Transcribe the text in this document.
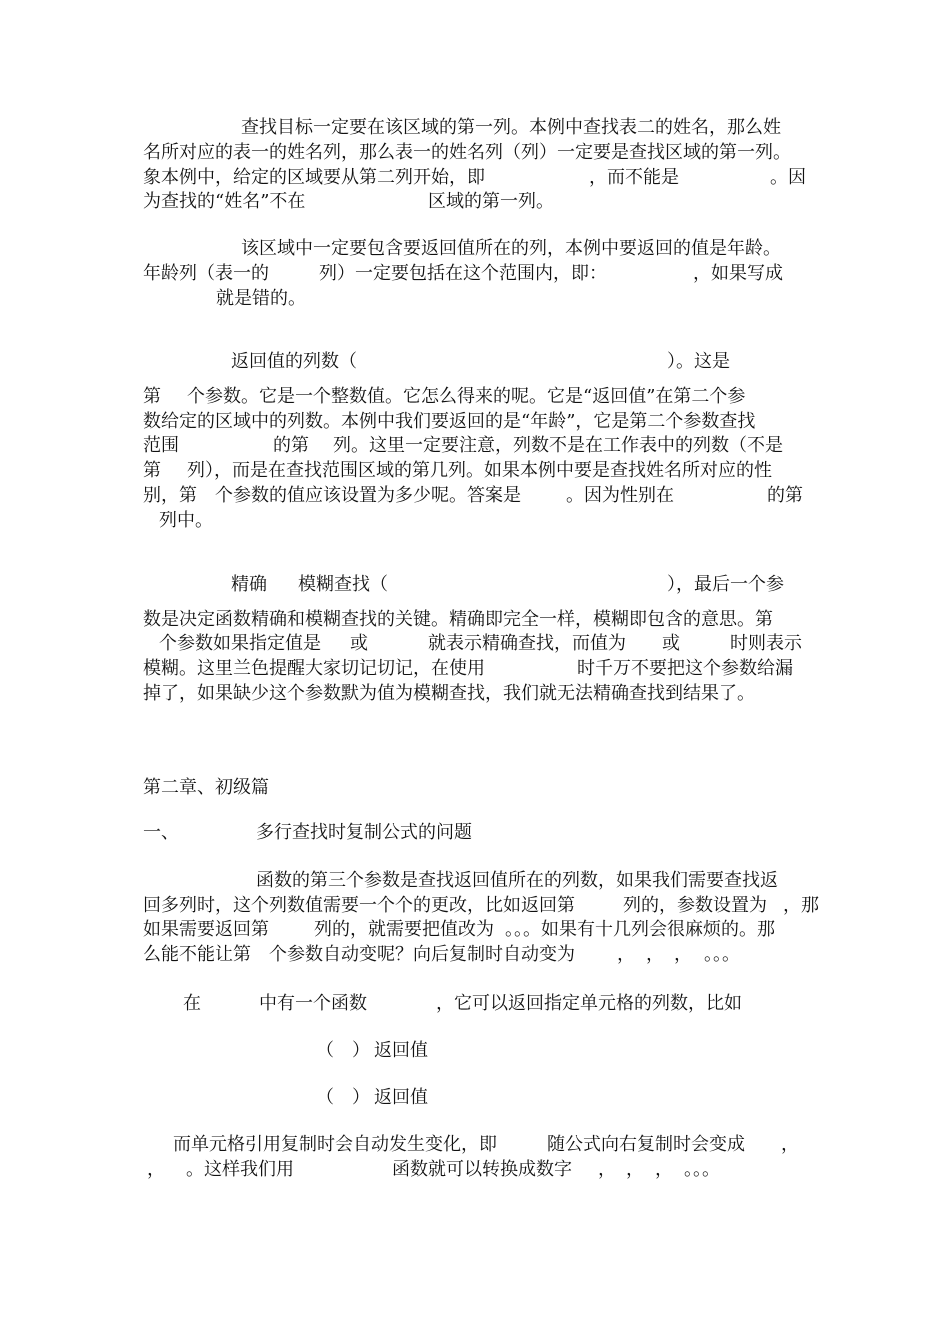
查找目标一定要在该区域的第一列。本例中查找表二的姓名，那么姓
名所对应的表一的姓名列，那么表一的姓名列（列）一定要是查找区域的第一列。
象本例中，给定的区域要从第二列开始，即	，而不能是	。因
为查找的“姓名”不在	区域的第一列。
该区域中一定要包含要返回值所在的列，本例中要返回的值是年龄。
年龄列（表一的	列）一定要包括在这个范围内，即：	，如果写成
就是错的。
返回值的列数（	）。这是
第 个参数。它是一个整数值。它怎么得来的呢。它是“返回值”在第二个参
数给定的区域中的列数。本例中我们要返回的是“年龄”，它是第二个参数查找
范围	的第 列。这里一定要注意，列数不是在工作表中的列数（不是
第 列），而是在查找范围区域的第几列。如果本例中要是查找姓名所对应的性
别，第 个参数的值应该设置为多少呢。答案是	。因为性别在	的第
列中。
精确 模糊查找（	），最后一个参
数是决定函数精确和模糊查找的关键。精确即完全一样，模糊即包含的意思。第
个参数如果指定值是 或	就表示精确查找，而值为 或	时则表示
模糊。这里兰色提醒大家切记切记，在使用	时千万不要把这个参数给漏
掉了，如果缺少这个参数默为值为模糊查找，我们就无法精确查找到结果了。
第二章、初级篇
一、	多行查找时复制公式的问题
函数的第三个参数是查找返回值所在的列数，如果我们需要查找返
回多列时，这个列数值需要一个个的更改，比如返回第	列的，参数设置为 ，那
如果需要返回第	列的，就需要把值改为 。。。如果有十几列会很麻烦的。那
么能不能让第 个参数自动变呢？向后复制时自动变为 ， ， ， 。。。
在	中有一个函数	，它可以返回指定单元格的列数，比如
（　） 返回值
（　） 返回值
而单元格引用复制时会自动发生变化，即	随公式向右复制时会变成 ，
， 。这样我们用	函数就可以转换成数字 ， ， ， 。。。
